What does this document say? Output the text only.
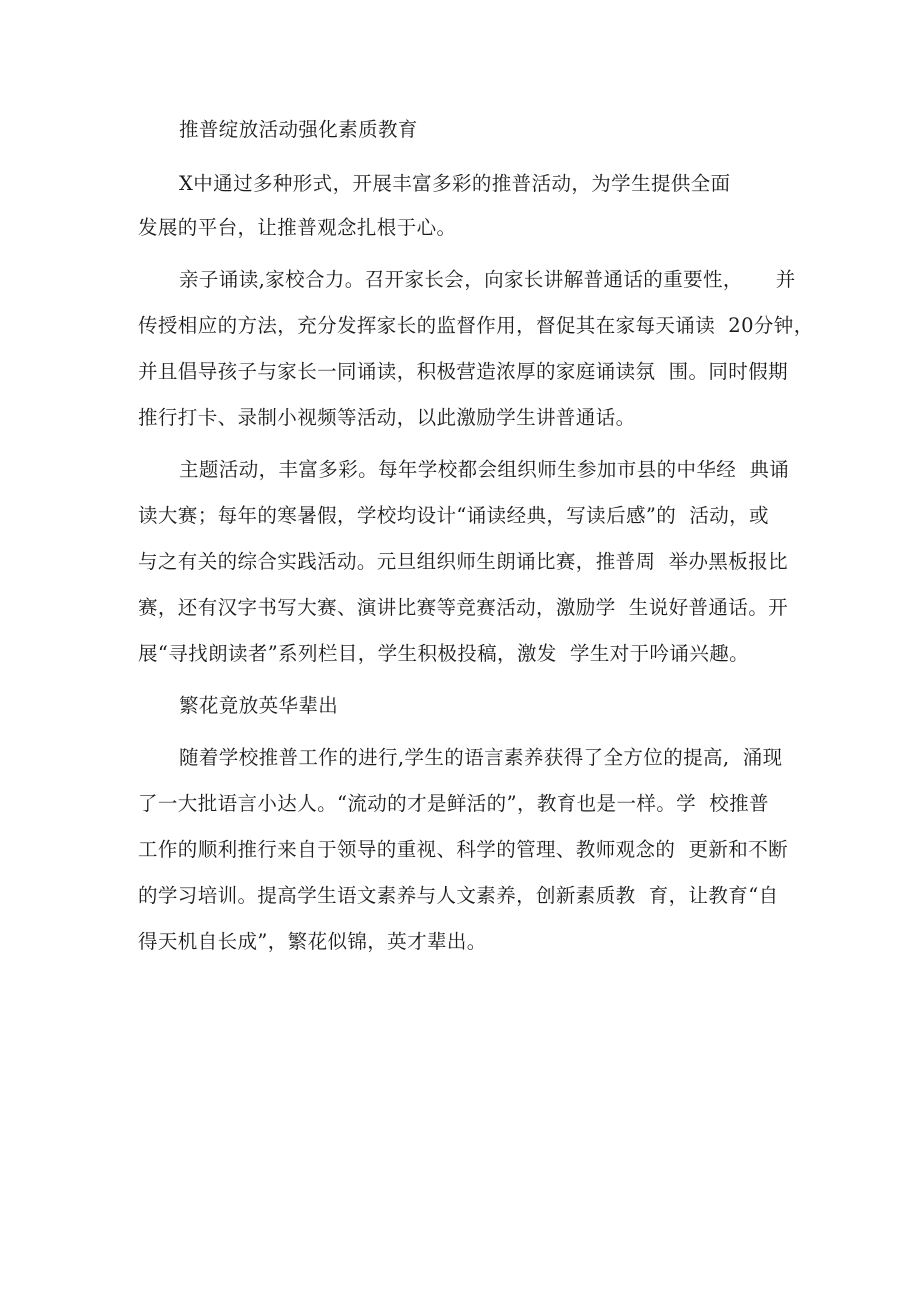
推普绽放活动强化素质教育
X中通过多种形式，开展丰富多彩的推普活动，为学生提供全面
发展的平台，让推普观念扎根于心。
亲子诵读,家校合力。召开家长会，向家长讲解普通话的重要性，     并
传授相应的方法，充分发挥家长的监督作用，督促其在家每天诵读  20分钟，
并且倡导孩子与家长一同诵读，积极营造浓厚的家庭诵读氛  围。同时假期
推行打卡、录制小视频等活动，以此激励学生讲普通话。
主题活动，丰富多彩。每年学校都会组织师生参加市县的中华经  典诵
读大赛；每年的寒暑假，学校均设计“诵读经典，写读后感”的  活动，或
与之有关的综合实践活动。元旦组织师生朗诵比赛，推普周  举办黑板报比
赛，还有汉字书写大赛、演讲比赛等竞赛活动，激励学  生说好普通话。开
展“寻找朗读者”系列栏目，学生积极投稿，激发  学生对于吟诵兴趣。
繁花竟放英华辈出
随着学校推普工作的进行,学生的语言素养获得了全方位的提高,  涌现
了一大批语言小达人。“流动的才是鲜活的”，教育也是一样。学  校推普
工作的顺利推行来自于领导的重视、科学的管理、教师观念的  更新和不断
的学习培训。提高学生语文素养与人文素养，创新素质教  育，让教育“自
得天机自长成”，繁花似锦，英才辈出。
